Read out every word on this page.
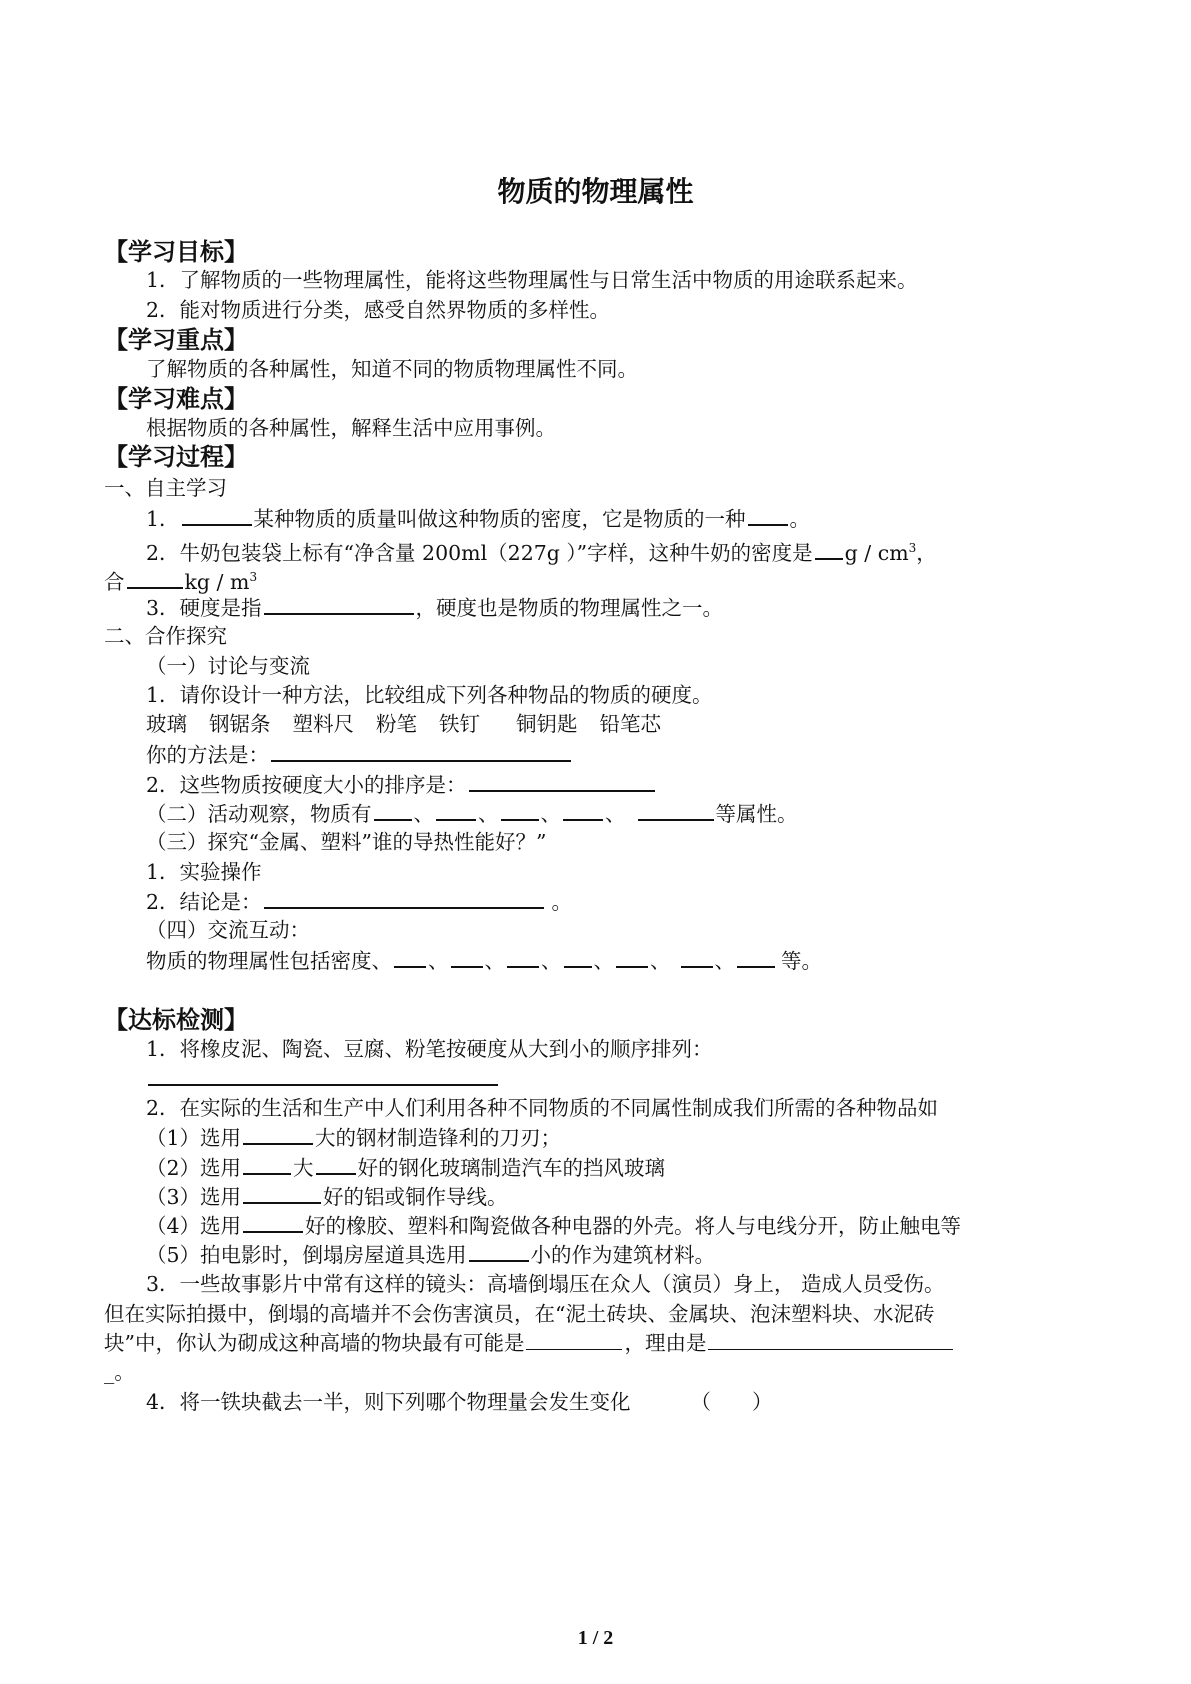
物质的物理属性
【学习目标】
1．了解物质的一些物理属性，能将这些物理属性与日常生活中物质的用途联系起来。
2．能对物质进行分类，感受自然界物质的多样性。
【学习重点】
了解物质的各种属性，知道不同的物质物理属性不同。
【学习难点】
根据物质的各种属性，解释生活中应用事例。
【学习过程】
一、自主学习
1．	某种物质的质量叫做这种物质的密度，它是物质的一种 。
2．牛奶包装袋上标有“净含量 200ml（227g ）”字样，这种牛奶的密度是 g / $cm^3$，
合	kg / $m^3$
3．硬度是指	，硬度也是物质的物理属性之一。
二、合作探究
（一）讨论与变流
1．请你设计一种方法，比较组成下列各种物品的物质的硬度。
玻璃 钢锯条 塑料尺 粉笔 铁钉 铜钥匙 铅笔芯
你的方法是：
2．这些物质按硬度大小的排序是：
（二）活动观察，物质有 、 、 、 、	等属性。
（三）探究“金属、塑料”谁的导热性能好？”
1．实验操作
2．结论是：	。
（四）交流互动：
物质的物理属性包括密度、 、 、 、 、 、 、 等。
【达标检测】
1．将橡皮泥、陶瓷、豆腐、粉笔按硬度从大到小的顺序排列：
2．在实际的生活和生产中人们利用各种不同物质的不同属性制成我们所需的各种物品如
（1）选用	大的钢材制造锋利的刀刃；
（2）选用	大 好的钢化玻璃制造汽车的挡风玻璃
（3）选用	好的铝或铜作导线。
（4）选用	好的橡胶、塑料和陶瓷做各种电器的外壳。将人与电线分开，防止触电等
（5）拍电影时，倒塌房屋道具选用	小的作为建筑材料。
3．一些故事影片中常有这样的镜头：高墙倒塌压在众人（演员）身上， 造成人员受伤。
但在实际拍摄中，倒塌的高墙并不会伤害演员，在“泥土砖块、金属块、泡沫塑料块、水泥砖
块”中，你认为砌成这种高墙的物块最有可能是	，理由是
_。
4．将一铁块截去一半，则下列哪个物理量会发生变化	（　　）
1 / 2
